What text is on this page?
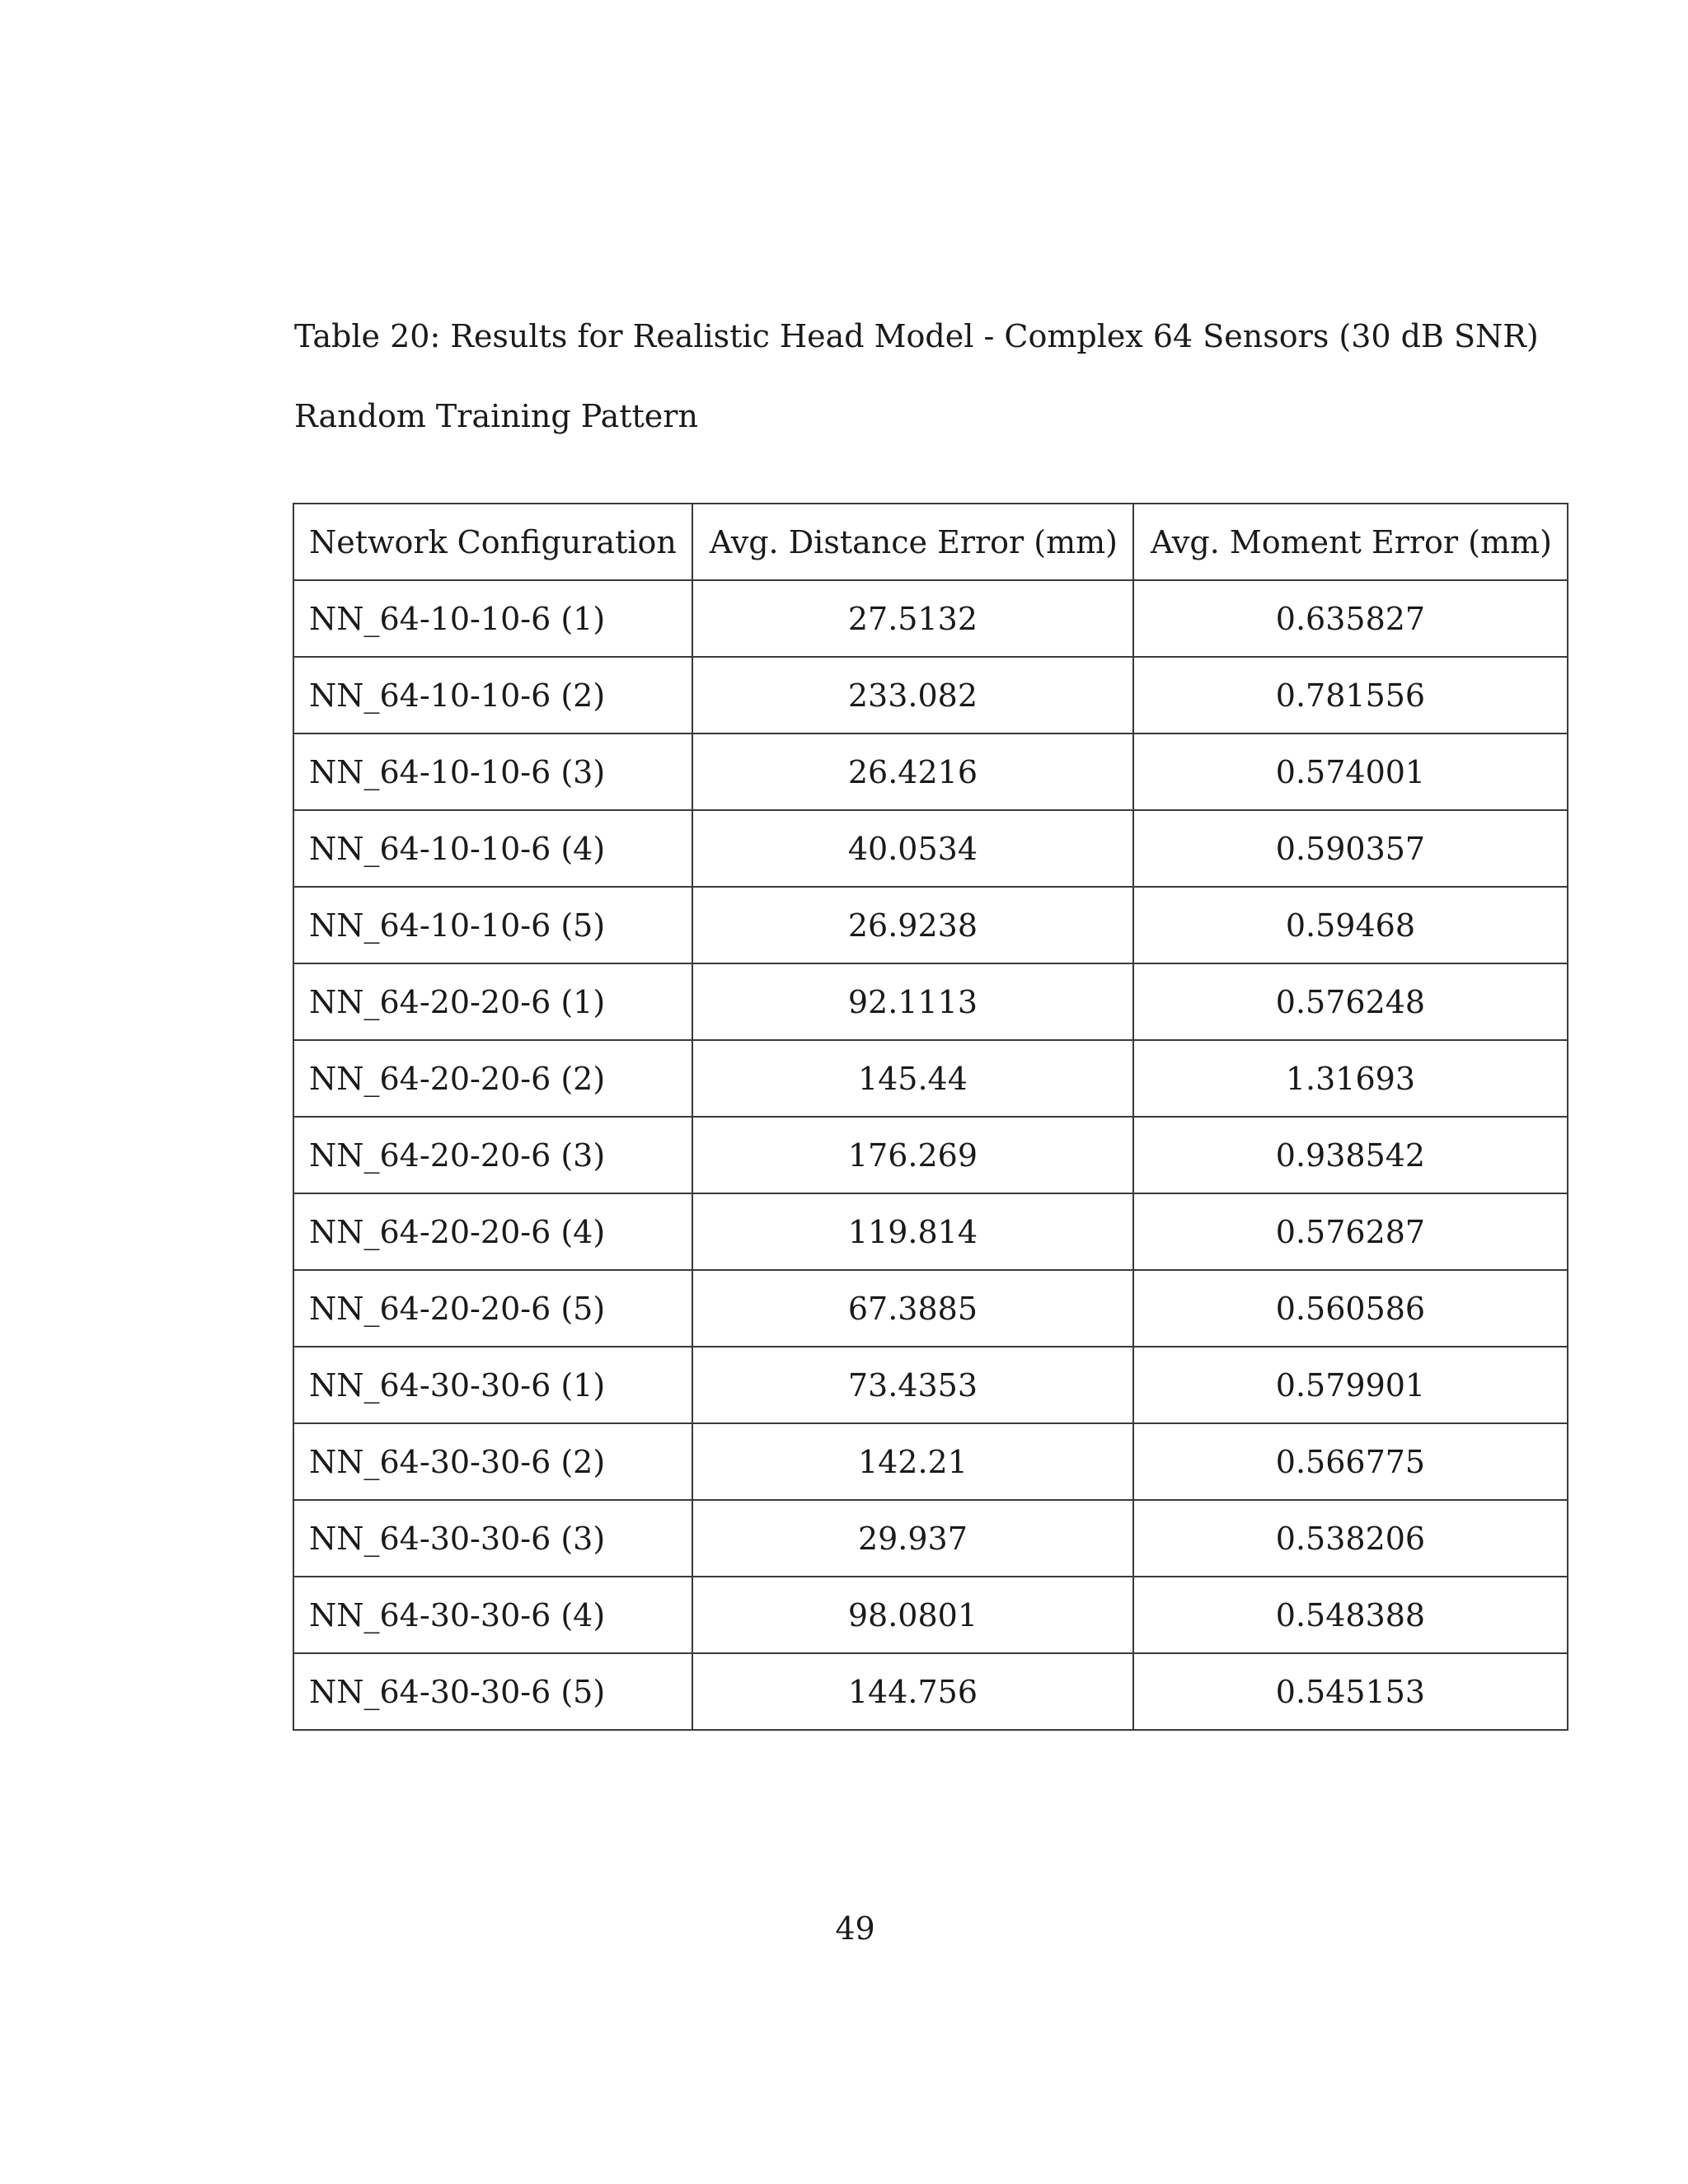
Table 20: Results for Realistic Head Model - Complex 64 Sensors (30 dB SNR)
Random Training Pattern
Network Configuration	Avg. Distance Error (mm)	Avg. Moment Error (mm)
NN_64-10-10-6 (1)	27.5132	0.635827
NN_64-10-10-6 (2)	233.082	0.781556
NN_64-10-10-6 (3)	26.4216	0.574001
NN_64-10-10-6 (4)	40.0534	0.590357
NN_64-10-10-6 (5)	26.9238	0.59468
NN_64-20-20-6 (1)	92.1113	0.576248
NN_64-20-20-6 (2)	145.44	1.31693
NN_64-20-20-6 (3)	176.269	0.938542
NN_64-20-20-6 (4)	119.814	0.576287
NN_64-20-20-6 (5)	67.3885	0.560586
NN_64-30-30-6 (1)	73.4353	0.579901
NN_64-30-30-6 (2)	142.21	0.566775
NN_64-30-30-6 (3)	29.937	0.538206
NN_64-30-30-6 (4)	98.0801	0.548388
NN_64-30-30-6 (5)	144.756	0.545153
49
